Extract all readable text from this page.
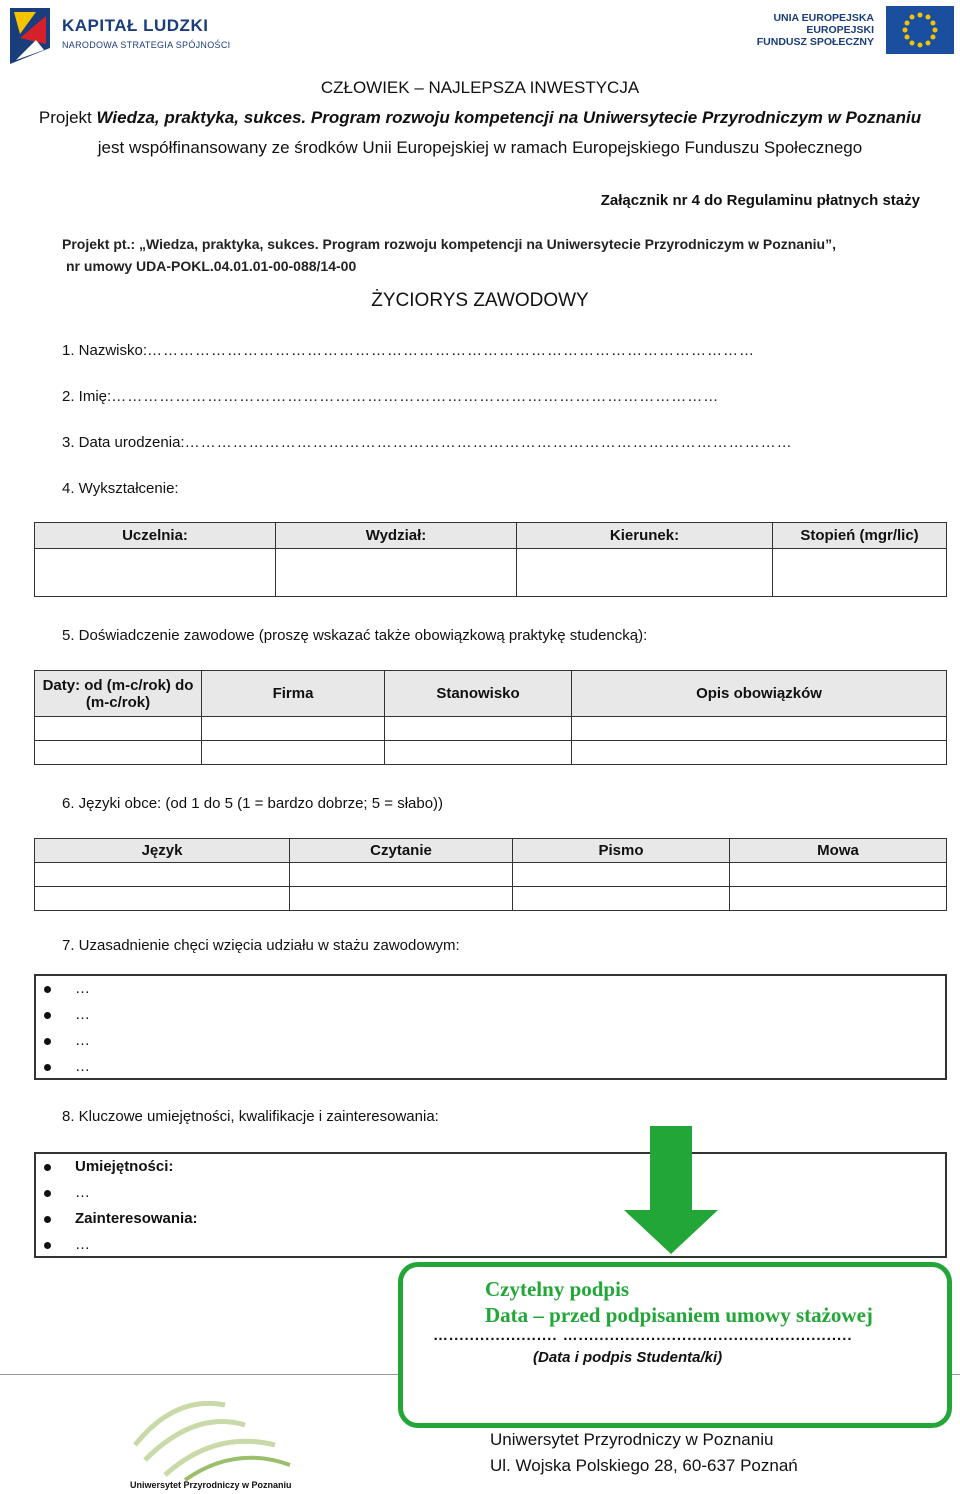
KAPITAŁ LUDZKI
NARODOWA STRATEGIA SPÓJNOŚCI
UNIA EUROPEJSKA
EUROPEJSKI
FUNDUSZ SPOŁECZNY
CZŁOWIEK – NAJLEPSZA INWESTYCJA
Projekt Wiedza, praktyka, sukces. Program rozwoju kompetencji na Uniwersytecie Przyrodniczym w Poznaniu
jest współfinansowany ze środków Unii Europejskiej w ramach Europejskiego Funduszu Społecznego
Załącznik nr 4 do Regulaminu płatnych staży
Projekt pt.: „Wiedza, praktyka, sukces. Program rozwoju kompetencji na Uniwersytecie Przyrodniczym w Poznaniu”,
nr umowy UDA-POKL.04.01.01-00-088/14-00
ŻYCIORYS ZAWODOWY
1. Nazwisko:……………………………………………………………………………………………………
2. Imię:……………………………………………………………………………………………………
3. Data urodzenia:……………………………………………………………………………………………………
4. Wykształcenie:
Uczelnia:	Wydział:	Kierunek:	Stopień (mgr/lic)

5. Doświadczenie zawodowe (proszę wskazać także obowiązkową praktykę studencką):
Daty: od (m-c/rok) do (m-c/rok)	Firma	Stanowisko	Opis obowiązków

6. Języki obce: (od 1 do 5 (1 = bardzo dobrze; 5 = słabo))
Język	Czytanie	Pismo	Mowa

7. Uzasadnienie chęci wzięcia udziału w stażu zawodowym:
…
…
…
…
8. Kluczowe umiejętności, kwalifikacje i zainteresowania:
Umiejętności:
…
Zainteresowania:
…
Czytelny podpis
Data – przed podpisaniem umowy stażowej
…..................... ….....................................................
(Data i podpis Studenta/ki)
Uniwersytet Przyrodniczy w Poznaniu
Uniwersytet Przyrodniczy w Poznaniu
Ul. Wojska Polskiego 28, 60-637 Poznań
